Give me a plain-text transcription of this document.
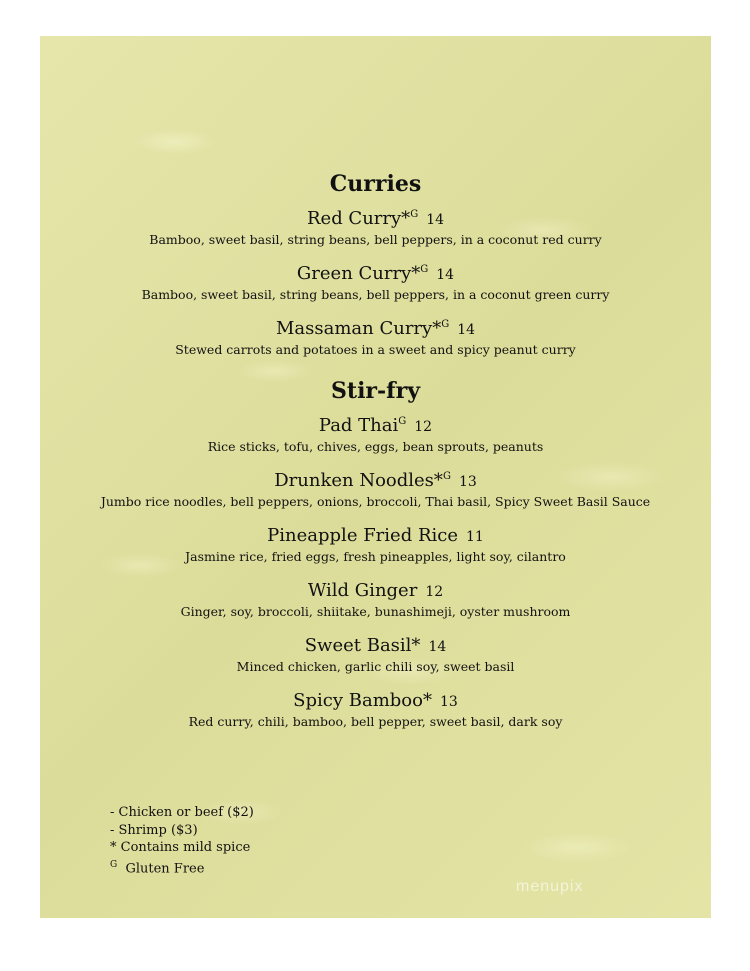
Curries
Red Curry*$^G$ 14
Bamboo, sweet basil, string beans, bell peppers, in a coconut red curry
Green Curry*$^G$ 14
Bamboo, sweet basil, string beans, bell peppers, in a coconut green curry
Massaman Curry*$^G$ 14
Stewed carrots and potatoes in a sweet and spicy peanut curry
Stir-fry
Pad Thai$^G$ 12
Rice sticks, tofu, chives, eggs, bean sprouts, peanuts
Drunken Noodles*$^G$ 13
Jumbo rice noodles, bell peppers, onions, broccoli, Thai basil, Spicy Sweet Basil Sauce
Pineapple Fried Rice 11
Jasmine rice, fried eggs, fresh pineapples, light soy, cilantro
Wild Ginger 12
Ginger, soy, broccoli, shiitake, bunashimeji, oyster mushroom
Sweet Basil* 14
Minced chicken, garlic chili soy, sweet basil
Spicy Bamboo* 13
Red curry, chili, bamboo, bell pepper, sweet basil, dark soy
- Chicken or beef ($2)
- Shrimp ($3)
* Contains mild spice
$^G$ Gluten Free
menupix
